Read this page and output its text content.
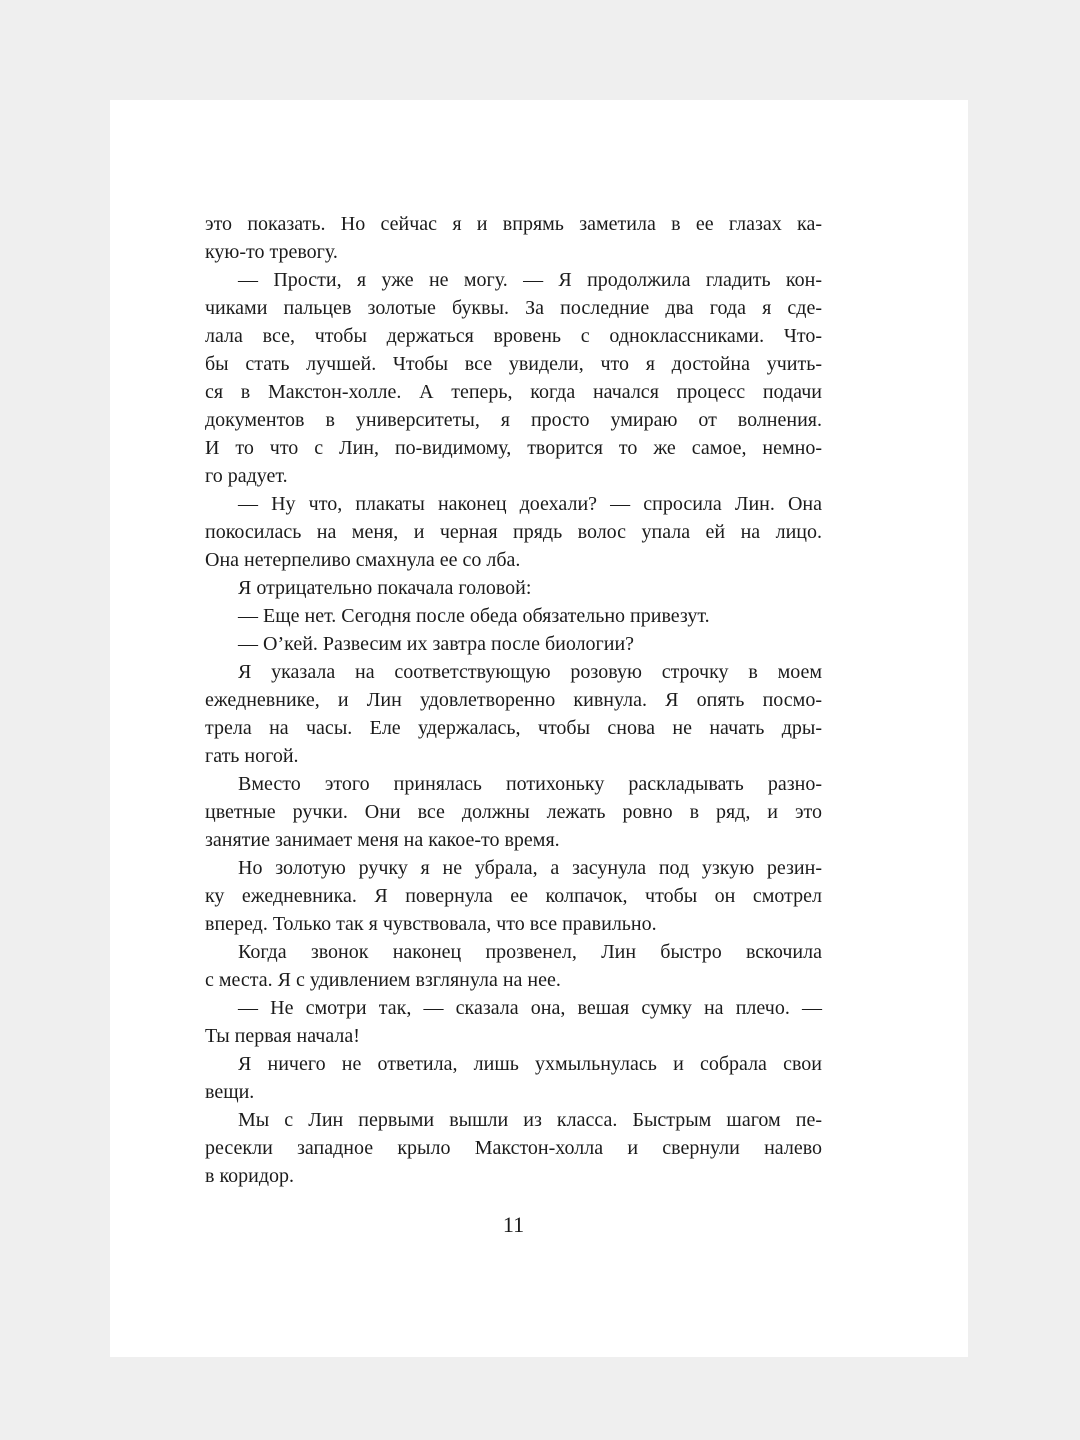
это показать. Но сейчас я и впрямь заметила в ее глазах ка-
кую-то тревогу.
— Прости, я уже не могу. — Я продолжила гладить кон-
чиками пальцев золотые буквы. За последние два года я сде-
лала все, чтобы держаться вровень с одноклассниками. Что-
бы стать лучшей. Чтобы все увидели, что я достойна учить-
ся в Макстон-холле. А теперь, когда начался процесс подачи
документов в университеты, я просто умираю от волнения.
И то что с Лин, по-видимому, творится то же самое, немно-
го радует.
— Ну что, плакаты наконец доехали? — спросила Лин. Она
покосилась на меня, и черная прядь волос упала ей на лицо.
Она нетерпеливо смахнула ее со лба.
Я отрицательно покачала головой:
— Еще нет. Сегодня после обеда обязательно привезут.
— О’кей. Развесим их завтра после биологии?
Я указала на соответствующую розовую строчку в моем
ежедневнике, и Лин удовлетворенно кивнула. Я опять посмо-
трела на часы. Еле удержалась, чтобы снова не начать дры-
гать ногой.
Вместо этого принялась потихоньку раскладывать разно-
цветные ручки. Они все должны лежать ровно в ряд, и это
занятие занимает меня на какое-то время.
Но золотую ручку я не убрала, а засунула под узкую резин-
ку ежедневника. Я повернула ее колпачок, чтобы он смотрел
вперед. Только так я чувствовала, что все правильно.
Когда звонок наконец прозвенел, Лин быстро вскочила
с места. Я с удивлением взглянула на нее.
— Не смотри так, — сказала она, вешая сумку на плечо. —
Ты первая начала!
Я ничего не ответила, лишь ухмыльнулась и собрала свои
вещи.
Мы с Лин первыми вышли из класса. Быстрым шагом пе-
ресекли западное крыло Макстон-холла и свернули налево
в коридор.
11
